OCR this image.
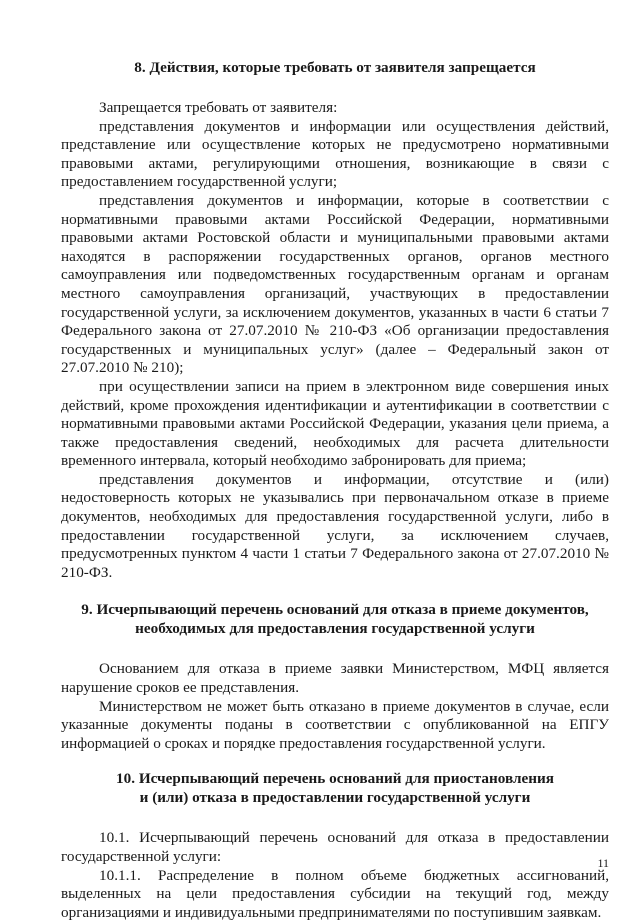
8. Действия, которые требовать от заявителя запрещается

Запрещается требовать от заявителя:

представления документов и информации или осуществления действий, представление или осуществление которых не предусмотрено нормативными правовыми актами, регулирующими отношения, возникающие в связи с предоставлением государственной услуги;

представления документов и информации, которые в соответствии с нормативными правовыми актами Российской Федерации, нормативными правовыми актами Ростовской области и муниципальными правовыми актами находятся в распоряжении государственных органов, органов местного самоуправления или подведомственных государственным органам и органам местного самоуправления организаций, участвующих в предоставлении государственной услуги, за исключением документов, указанных в части 6 статьи 7 Федерального закона от 27.07.2010 № 210-ФЗ «Об организации предоставления государственных и муниципальных услуг» (далее – Федеральный закон от 27.07.2010 № 210);

при осуществлении записи на прием в электронном виде совершения иных действий, кроме прохождения идентификации и аутентификации в соответствии с нормативными правовыми актами Российской Федерации, указания цели приема, а также предоставления сведений, необходимых для расчета длительности временного интервала, который необходимо забронировать для приема;

представления документов и информации, отсутствие и (или) недостоверность которых не указывались при первоначальном отказе в приеме документов, необходимых для предоставления государственной услуги, либо в предоставлении государственной услуги, за исключением случаев, предусмотренных пунктом 4 части 1 статьи 7 Федерального закона от 27.07.2010 № 210-ФЗ.

9. Исчерпывающий перечень оснований для отказа в приеме документов,
необходимых для предоставления государственной услуги

Основанием для отказа в приеме заявки Министерством, МФЦ является нарушение сроков ее представления.

Министерством не может быть отказано в приеме документов в случае, если указанные документы поданы в соответствии с опубликованной на ЕПГУ информацией о сроках и порядке предоставления государственной услуги.

10. Исчерпывающий перечень оснований для приостановления
и (или) отказа в предоставлении государственной услуги

10.1. Исчерпывающий перечень оснований для отказа в предоставлении государственной услуги:

10.1.1. Распределение в полном объеме бюджетных ассигнований, выделенных на цели предоставления субсидии на текущий год, между организациями и индивидуальными предпринимателями по поступившим заявкам.

11
